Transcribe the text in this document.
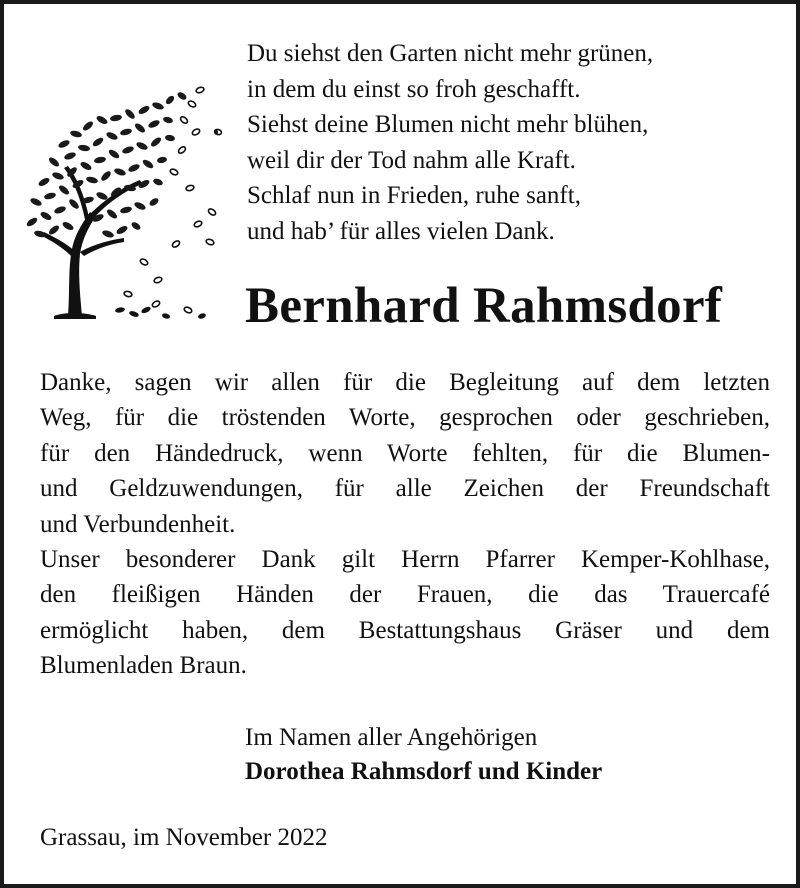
Du siehst den Garten nicht mehr grünen,
in dem du einst so froh geschafft.
Siehst deine Blumen nicht mehr blühen,
weil dir der Tod nahm alle Kraft.
Schlaf nun in Frieden, ruhe sanft,
und hab’ für alles vielen Dank.
Bernhard Rahmsdorf
Danke, sagen wir allen für die Begleitung auf dem letzten
Weg, für die tröstenden Worte, gesprochen oder geschrieben,
für den Händedruck, wenn Worte fehlten, für die Blumen-
und Geldzuwendungen, für alle Zeichen der Freundschaft
und Verbundenheit.
Unser besonderer Dank gilt Herrn Pfarrer Kemper-Kohlhase,
den fleißigen Händen der Frauen, die das Trauercafé
ermöglicht haben, dem Bestattungshaus Gräser und dem
Blumenladen Braun.
Im Namen aller Angehörigen
Dorothea Rahmsdorf und Kinder
Grassau, im November 2022
